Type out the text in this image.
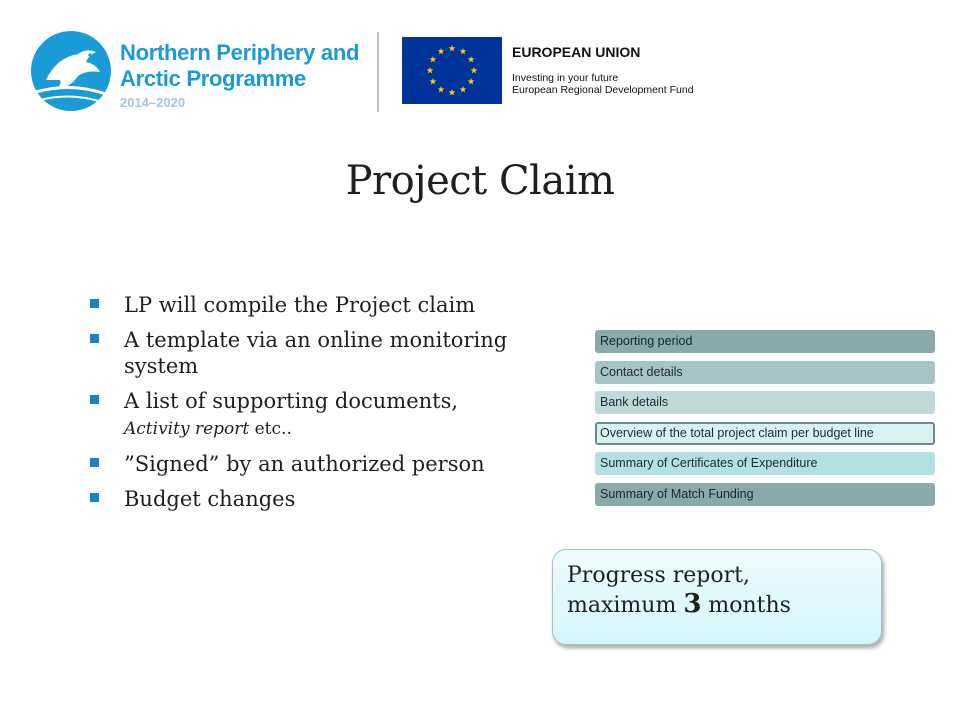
Northern Periphery and
Arctic Programme
2014–2020
EUROPEAN UNION
Investing in your future
European Regional Development Fund
Project Claim
LP will compile the Project claim
A template via an online monitoring system
A list of supporting documents,
Activity report etc..
”Signed” by an authorized person
Budget changes
Reporting period
Contact details
Bank details
Overview of the total project claim per budget line
Summary of Certificates of Expenditure
Summary of Match Funding
Progress report,
maximum 3 months
